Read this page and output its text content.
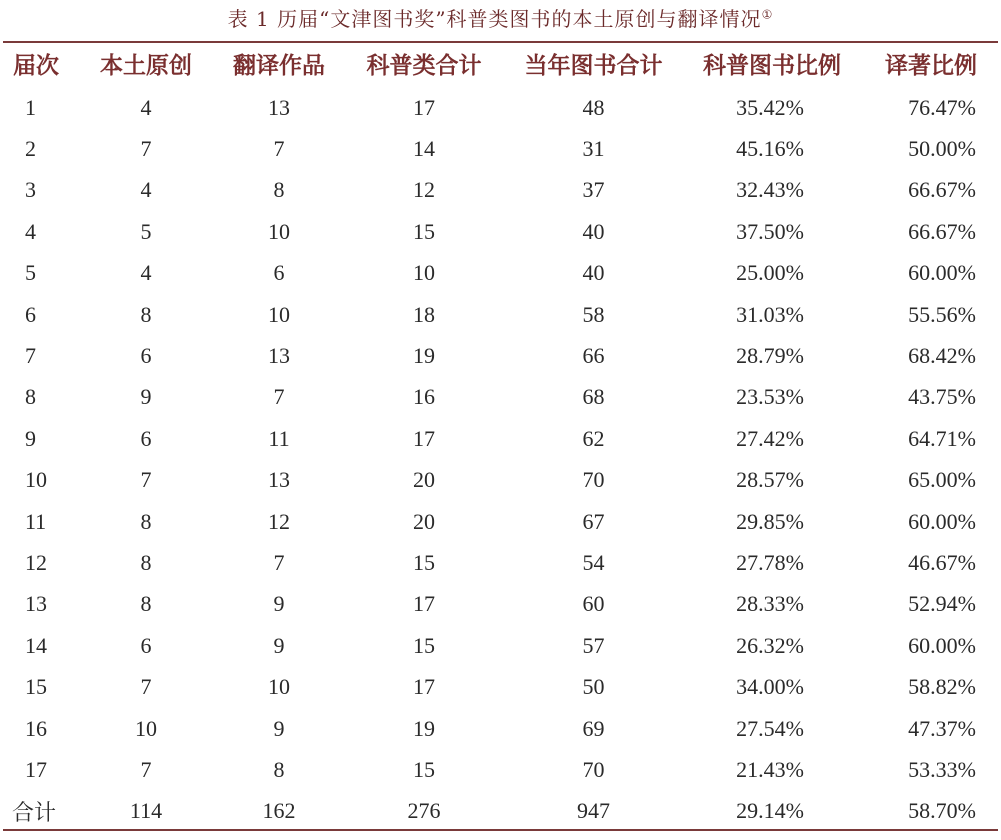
表 1 历届“文津图书奖”科普类图书的本土原创与翻译情况①
届次	本土原创	翻译作品	科普类合计	当年图书合计	科普图书比例	译著比例
1	4	13	17	48	35.42%	76.47%
2	7	7	14	31	45.16%	50.00%
3	4	8	12	37	32.43%	66.67%
4	5	10	15	40	37.50%	66.67%
5	4	6	10	40	25.00%	60.00%
6	8	10	18	58	31.03%	55.56%
7	6	13	19	66	28.79%	68.42%
8	9	7	16	68	23.53%	43.75%
9	6	11	17	62	27.42%	64.71%
10	7	13	20	70	28.57%	65.00%
11	8	12	20	67	29.85%	60.00%
12	8	7	15	54	27.78%	46.67%
13	8	9	17	60	28.33%	52.94%
14	6	9	15	57	26.32%	60.00%
15	7	10	17	50	34.00%	58.82%
16	10	9	19	69	27.54%	47.37%
17	7	8	15	70	21.43%	53.33%
合计	114	162	276	947	29.14%	58.70%
